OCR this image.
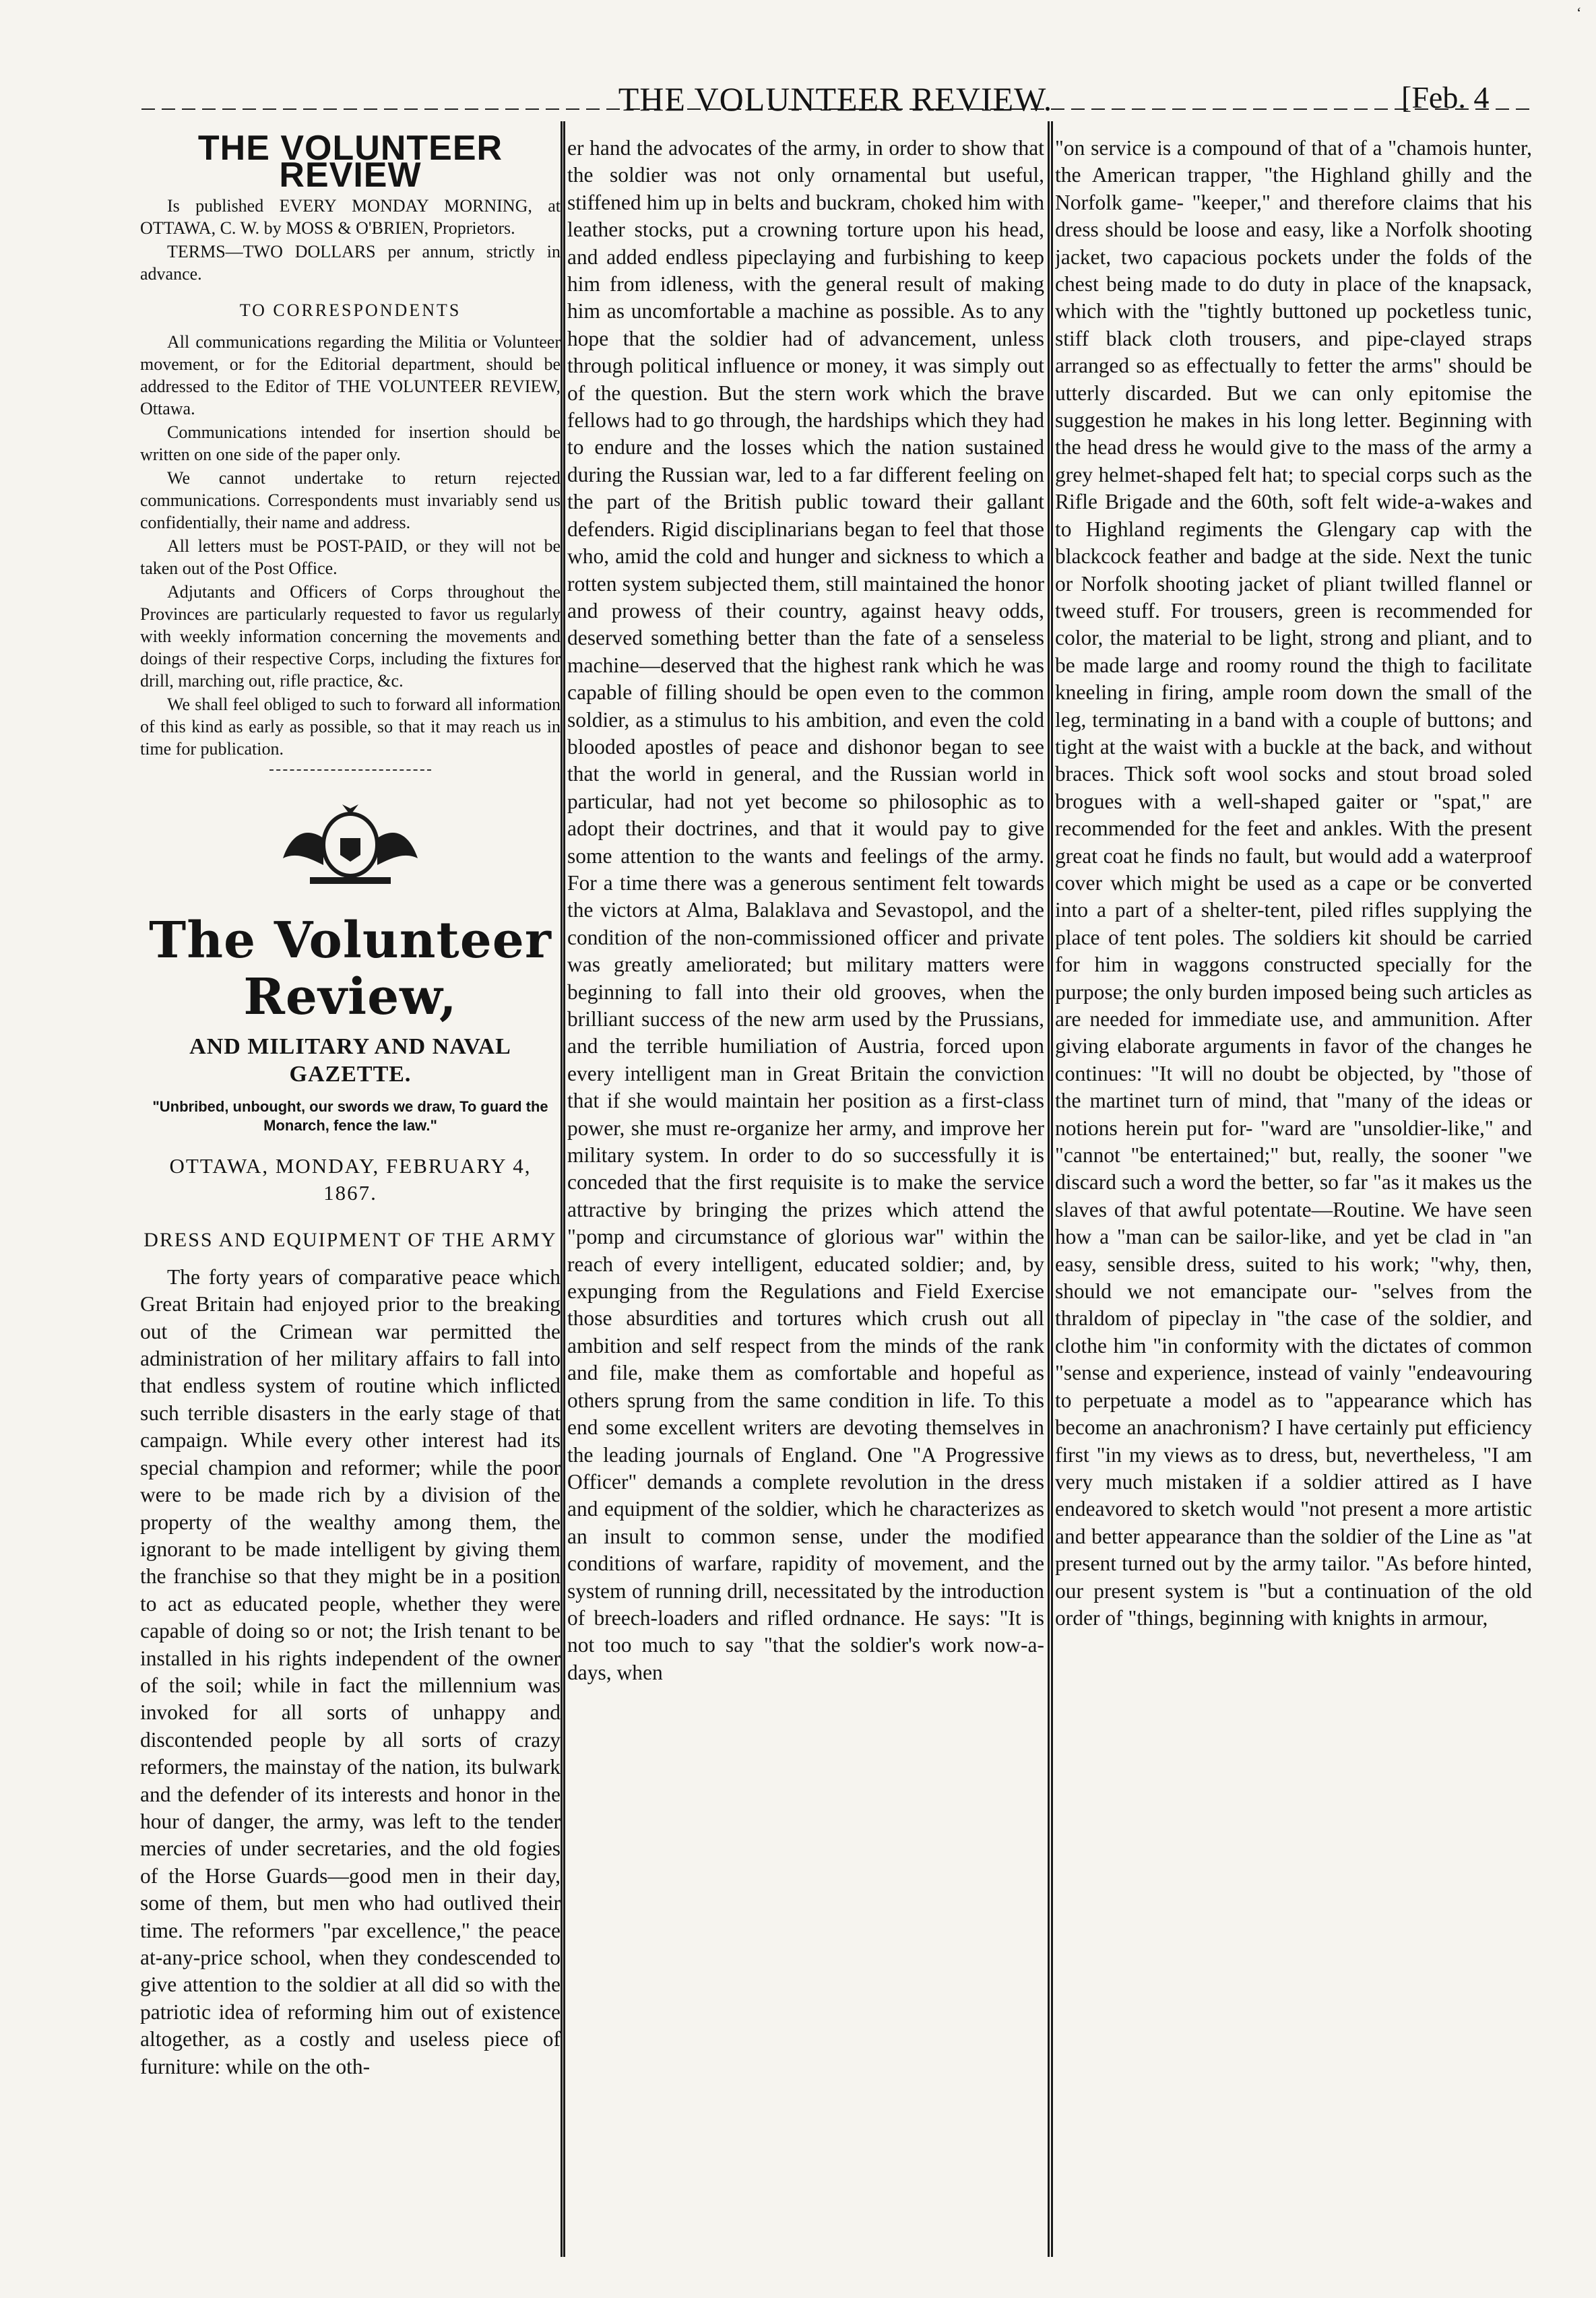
ʻ
THE VOLUNTEER REVIEW.	[Feb. 4
THE VOLUNTEER REVIEW

Is published EVERY MONDAY MORNING, at OTTAWA, C. W. by MOSS & O'BRIEN, Proprietors.

TERMS—TWO DOLLARS per annum, strictly in advance.

TO CORRESPONDENTS

All communications regarding the Militia or Volunteer movement, or for the Editorial department, should be addressed to the Editor of THE VOLUNTEER REVIEW, Ottawa.

Communications intended for insertion should be written on one side of the paper only.

We cannot undertake to return rejected communications. Correspondents must invariably send us confidentially, their name and address.

All letters must be POST-PAID, or they will not be taken out of the Post Office.

Adjutants and Officers of Corps throughout the Provinces are particularly requested to favor us regularly with weekly information concerning the movements and doings of their respective Corps, including the fixtures for drill, marching out, rifle practice, &c.

We shall feel obliged to such to forward all information of this kind as early as possible, so that it may reach us in time for publication.

The Volunteer Review,
AND MILITARY AND NAVAL GAZETTE.
"Unbribed, unbought, our swords we draw, To guard the Monarch, fence the law."
OTTAWA, MONDAY, FEBRUARY 4, 1867.
DRESS AND EQUIPMENT OF THE ARMY

The forty years of comparative peace which Great Britain had enjoyed prior to the breaking out of the Crimean war permitted the administration of her military affairs to fall into that endless system of routine which inflicted such terrible disasters in the early stage of that campaign. While every other interest had its special champion and reformer; while the poor were to be made rich by a division of the property of the wealthy among them, the ignorant to be made intelligent by giving them the franchise so that they might be in a position to act as educated people, whether they were capable of doing so or not; the Irish tenant to be installed in his rights independent of the owner of the soil; while in fact the millennium was invoked for all sorts of unhappy and discontended people by all sorts of crazy reformers, the mainstay of the nation, its bulwark and the defender of its interests and honor in the hour of danger, the army, was left to the tender mercies of under secretaries, and the old fogies of the Horse Guards—good men in their day, some of them, but men who had outlived their time. The reformers "par excellence," the peace at-any-price school, when they condescended to give attention to the soldier at all did so with the patriotic idea of reforming him out of existence altogether, as a costly and useless piece of furniture: while on the oth-

er hand the advocates of the army, in order to show that the soldier was not only ornamental but useful, stiffened him up in belts and buckram, choked him with leather stocks, put a crowning torture upon his head, and added endless pipeclaying and furbishing to keep him from idleness, with the general result of making him as uncomfortable a machine as possible. As to any hope that the soldier had of advancement, unless through political influence or money, it was simply out of the question. But the stern work which the brave fellows had to go through, the hardships which they had to endure and the losses which the nation sustained during the Russian war, led to a far different feeling on the part of the British public toward their gallant defenders. Rigid disciplinarians began to feel that those who, amid the cold and hunger and sickness to which a rotten system subjected them, still maintained the honor and prowess of their country, against heavy odds, deserved something better than the fate of a senseless machine—deserved that the highest rank which he was capable of filling should be open even to the common soldier, as a stimulus to his ambition, and even the cold blooded apostles of peace and dishonor began to see that the world in general, and the Russian world in particular, had not yet become so philosophic as to adopt their doctrines, and that it would pay to give some attention to the wants and feelings of the army. For a time there was a generous sentiment felt towards the victors at Alma, Balaklava and Sevastopol, and the condition of the non-commissioned officer and private was greatly ameliorated; but military matters were beginning to fall into their old grooves, when the brilliant success of the new arm used by the Prussians, and the terrible humiliation of Austria, forced upon every intelligent man in Great Britain the conviction that if she would maintain her position as a first-class power, she must re-organize her army, and improve her military system. In order to do so successfully it is conceded that the first requisite is to make the service attractive by bringing the prizes which attend the "pomp and circumstance of glorious war" within the reach of every intelligent, educated soldier; and, by expunging from the Regulations and Field Exercise those absurdities and tortures which crush out all ambition and self respect from the minds of the rank and file, make them as comfortable and hopeful as others sprung from the same condition in life. To this end some excellent writers are devoting themselves in the leading journals of England. One "A Progressive Officer" demands a complete revolution in the dress and equipment of the soldier, which he characterizes as an insult to common sense, under the modified conditions of warfare, rapidity of movement, and the system of running drill, necessitated by the introduction of breech-loaders and rifled ordnance. He says: "It is not too much to say "that the soldier's work now-a-days, when

"on service is a compound of that of a "chamois hunter, the American trapper, "the Highland ghilly and the Norfolk game- "keeper," and therefore claims that his dress should be loose and easy, like a Norfolk shooting jacket, two capacious pockets under the folds of the chest being made to do duty in place of the knapsack, which with the "tightly buttoned up pocketless tunic, stiff black cloth trousers, and pipe-clayed straps arranged so as effectually to fetter the arms" should be utterly discarded. But we can only epitomise the suggestion he makes in his long letter. Beginning with the head dress he would give to the mass of the army a grey helmet-shaped felt hat; to special corps such as the Rifle Brigade and the 60th, soft felt wide-a-wakes and to Highland regiments the Glengary cap with the blackcock feather and badge at the side. Next the tunic or Norfolk shooting jacket of pliant twilled flannel or tweed stuff. For trousers, green is recommended for color, the material to be light, strong and pliant, and to be made large and roomy round the thigh to facilitate kneeling in firing, ample room down the small of the leg, terminating in a band with a couple of buttons; and tight at the waist with a buckle at the back, and without braces. Thick soft wool socks and stout broad soled brogues with a well-shaped gaiter or "spat," are recommended for the feet and ankles. With the present great coat he finds no fault, but would add a waterproof cover which might be used as a cape or be converted into a part of a shelter-tent, piled rifles supplying the place of tent poles. The soldiers kit should be carried for him in waggons constructed specially for the purpose; the only burden imposed being such articles as are needed for immediate use, and ammunition. After giving elaborate arguments in favor of the changes he continues: "It will no doubt be objected, by "those of the martinet turn of mind, that "many of the ideas or notions herein put for- "ward are "unsoldier-like," and "cannot "be entertained;" but, really, the sooner "we discard such a word the better, so far "as it makes us the slaves of that awful potentate—Routine. We have seen how a "man can be sailor-like, and yet be clad in "an easy, sensible dress, suited to his work; "why, then, should we not emancipate our- "selves from the thraldom of pipeclay in "the case of the soldier, and clothe him "in conformity with the dictates of common "sense and experience, instead of vainly "endeavouring to perpetuate a model as to "appearance which has become an anachronism? I have certainly put efficiency first "in my views as to dress, but, nevertheless, "I am very much mistaken if a soldier attired as I have endeavored to sketch would "not present a more artistic and better appearance than the soldier of the Line as "at present turned out by the army tailor. "As before hinted, our present system is "but a continuation of the old order of "things, beginning with knights in armour,
